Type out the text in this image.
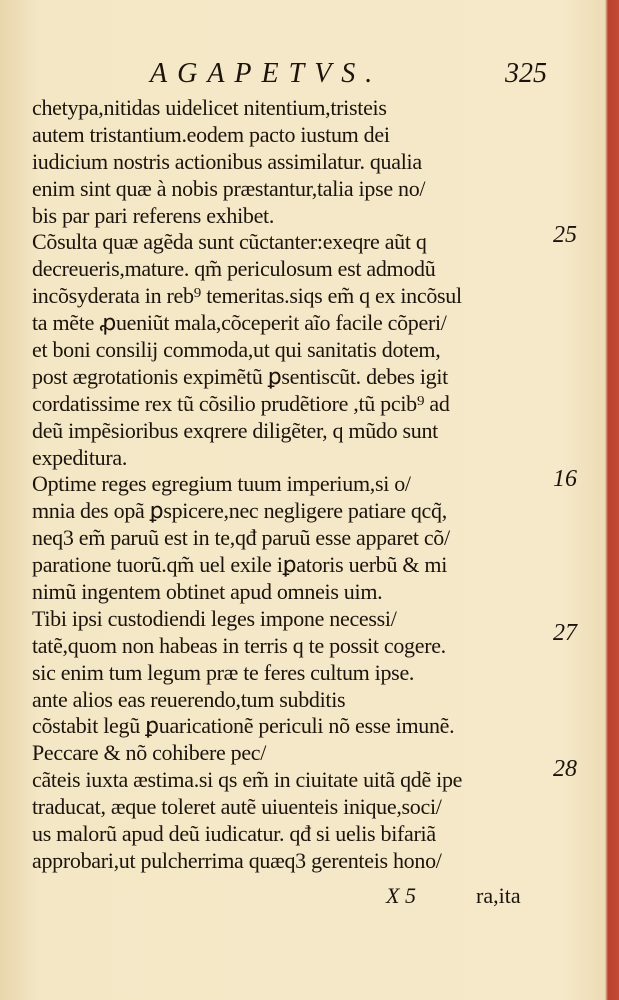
AGAPETVS.	325
chetypa,nitidas uidelicet nitentium,tristeis
autem tristantium.eodem pacto iustum dei
iudicium nostris actionibus assimilatur. qualia
enim sint quæ à nobis præstantur,talia ipse no/
bis par pari referens exhibet.
Cõsulta quæ agẽda sunt cũctanter:exeqre aũt q
decreueris,mature. qm̃ periculosum est admodũ
incõsyderata in reb⁹ temeritas.siqs em̃ q ex incõsul
ta mẽte ꝓueniũt mala,cõceperit aĩo facile cõperi/
et boni consilij commoda,ut qui sanitatis dotem,
post ægrotationis expimẽtũ ꝑsentiscũt. debes igit
cordatissime rex tũ cõsilio prudẽtiore ,tũ pcib⁹ ad
deũ impẽsioribus exqrere diligẽter, q mũdo sunt
expeditura.
Optime reges egregium tuum imperium,si o/
mnia des opã ꝑspicere,nec negligere patiare qcq̃,
neq3 em̃ paruũ est in te,qđ paruũ esse apparet cõ/
paratione tuorũ.qm̃ uel exile iꝑatoris uerbũ & mi
nimũ ingentem obtinet apud omneis uim.
Tibi ipsi custodiendi leges impone necessi/
tatẽ,quom non habeas in terris q te possit cogere.
sic enim tum legum præ te feres cultum ipse.
ante alios eas reuerendo,tum subditis
cõstabit legũ ꝑuaricationẽ periculi nõ esse imunẽ.
Peccare & nõ cohibere pec/
cãteis iuxta æstima.si qs em̃ in ciuitate uitã qdẽ ipe
traducat, æque toleret autẽ uiuenteis inique,soci/
us malorũ apud deũ iudicatur. qđ si uelis bifariã
approbari,ut pulcherrima quæq3 gerenteis hono/
25
16
27
28
X 5	ra,ita
